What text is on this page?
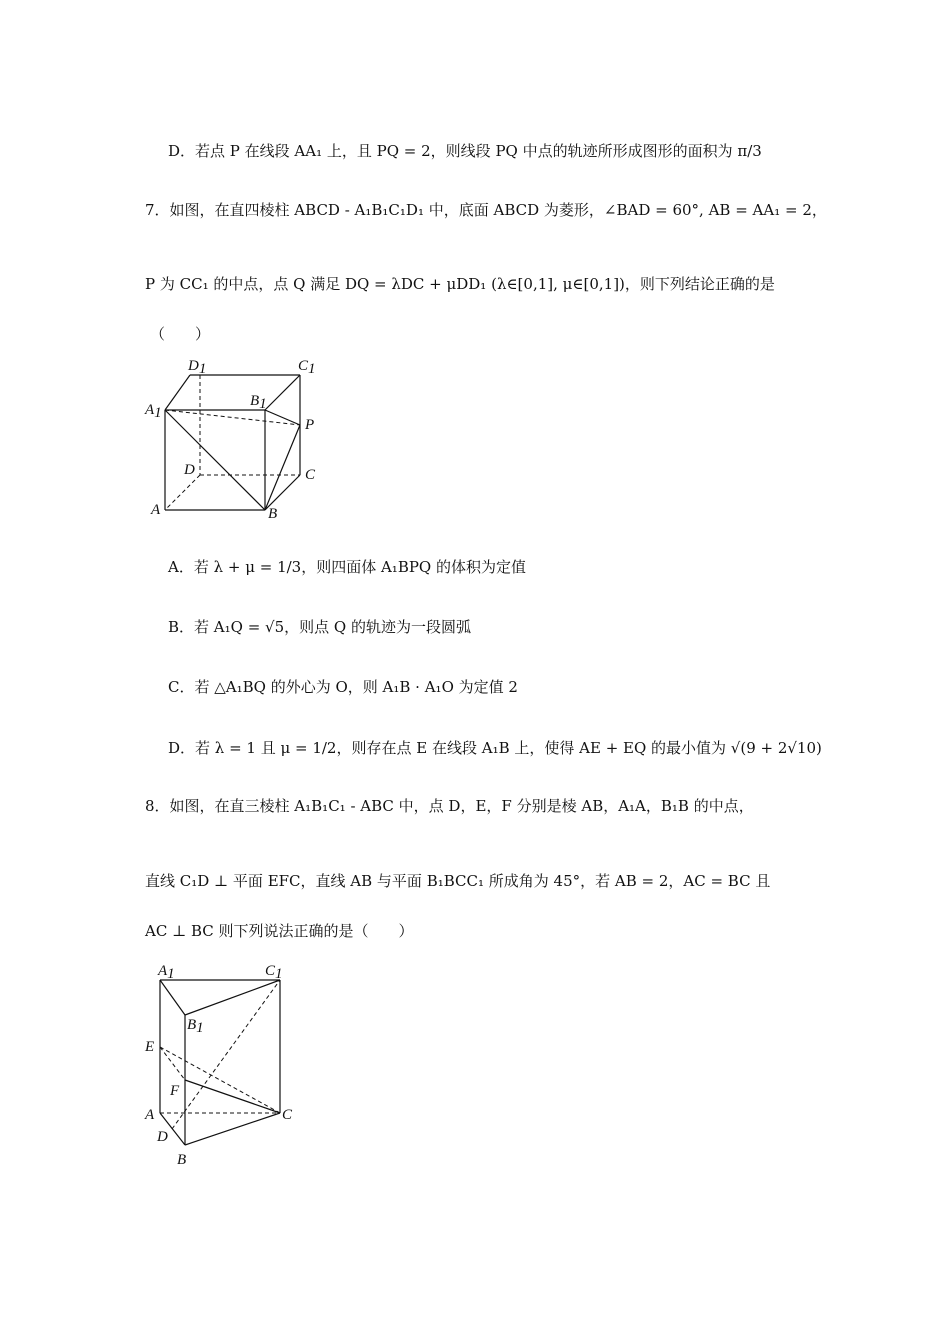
D．若点 P 在线段 AA₁ 上，且 PQ = 2，则线段 PQ 中点的轨迹所形成图形的面积为 π/3
7．如图，在直四棱柱 ABCD - A₁B₁C₁D₁ 中，底面 ABCD 为菱形，∠BAD = 60°, AB = AA₁ = 2，
P 为 CC₁ 的中点，点 Q 满足 DQ = λDC + μDD₁ (λ∈[0,1], μ∈[0,1])，则下列结论正确的是
（　　）
D1	C1
A1
B1
P
D	C
A	B
A．若 λ + μ = 1/3，则四面体 A₁BPQ 的体积为定值
B．若 A₁Q = √5，则点 Q 的轨迹为一段圆弧
C．若 △A₁BQ 的外心为 O，则 A₁B · A₁O 为定值 2
D．若 λ = 1 且 μ = 1/2，则存在点 E 在线段 A₁B 上，使得 AE + EQ 的最小值为 √(9 + 2√10)
8．如图，在直三棱柱 A₁B₁C₁ - ABC 中，点 D，E，F 分别是棱 AB，A₁A，B₁B 的中点，
直线 C₁D ⊥ 平面 EFC，直线 AB 与平面 B₁BCC₁ 所成角为 45°，若 AB = 2，AC = BC 且
AC ⊥ BC 则下列说法正确的是（　　）
A1	C1
B1
E
F
A	C
D
B
